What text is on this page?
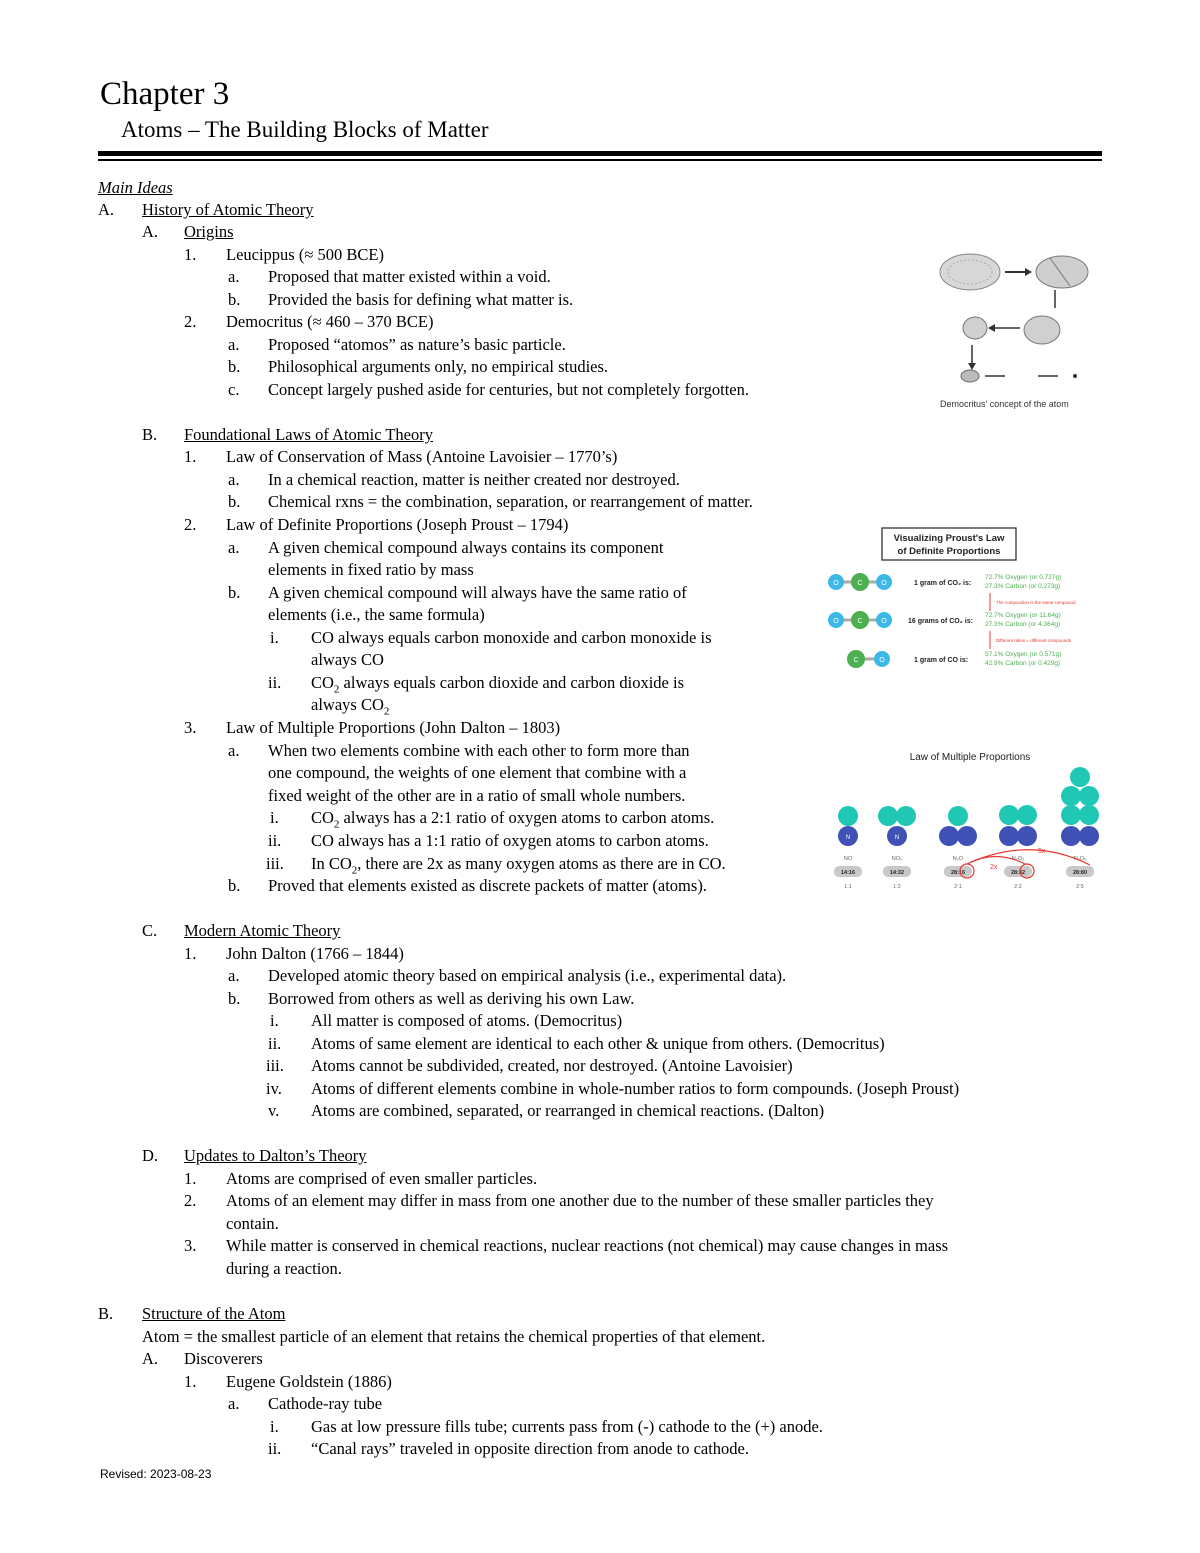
Chapter 3
Atoms – The Building Blocks of Matter
Main Ideas
A. History of Atomic Theory
A. Origins
1. Leucippus (≈ 500 BCE)
a. Proposed that matter existed within a void.
b. Provided the basis for defining what matter is.
2. Democritus (≈ 460 – 370 BCE)
a. Proposed “atomos” as nature’s basic particle.
b. Philosophical arguments only, no empirical studies.
c. Concept largely pushed aside for centuries, but not completely forgotten.
B. Foundational Laws of Atomic Theory
1. Law of Conservation of Mass (Antoine Lavoisier – 1770’s)
a. In a chemical reaction, matter is neither created nor destroyed.
b. Chemical rxns = the combination, separation, or rearrangement of matter.
2. Law of Definite Proportions (Joseph Proust – 1794)
a. A given chemical compound always contains its component
elements in fixed ratio by mass
b. A given chemical compound will always have the same ratio of
elements (i.e., the same formula)
i. CO always equals carbon monoxide and carbon monoxide is
always CO
ii. $CO_2$ always equals carbon dioxide and carbon dioxide is
always $CO_2$
3. Law of Multiple Proportions (John Dalton – 1803)
a. When two elements combine with each other to form more than
one compound, the weights of one element that combine with a
fixed weight of the other are in a ratio of small whole numbers.
i. $CO_2$ always has a 2:1 ratio of oxygen atoms to carbon atoms.
ii. CO always has a 1:1 ratio of oxygen atoms to carbon atoms.
iii. In $CO_2$, there are 2x as many oxygen atoms as there are in CO.
b. Proved that elements existed as discrete packets of matter (atoms).
C. Modern Atomic Theory
1. John Dalton (1766 – 1844)
a. Developed atomic theory based on empirical analysis (i.e., experimental data).
b. Borrowed from others as well as deriving his own Law.
i. All matter is composed of atoms. (Democritus)
ii. Atoms of same element are identical to each other & unique from others. (Democritus)
iii. Atoms cannot be subdivided, created, nor destroyed. (Antoine Lavoisier)
iv. Atoms of different elements combine in whole-number ratios to form compounds. (Joseph Proust)
v. Atoms are combined, separated, or rearranged in chemical reactions. (Dalton)
D. Updates to Dalton’s Theory
1. Atoms are comprised of even smaller particles.
2. Atoms of an element may differ in mass from one another due to the number of these smaller particles they
contain.
3. While matter is conserved in chemical reactions, nuclear reactions (not chemical) may cause changes in mass
during a reaction.
B. Structure of the Atom
Atom = the smallest particle of an element that retains the chemical properties of that element.
A. Discoverers
1. Eugene Goldstein (1886)
a. Cathode-ray tube
i. Gas at low pressure fills tube; currents pass from (-) cathode to the (+) anode.
ii. “Canal rays” traveled in opposite direction from anode to cathode.
Revised: 2023-08-23
Democritus' concept of the atom
Visualizing Proust's Law
of Definite Proportions
O	C	O	1 gram of CO₂ is:
72.7% Oxygen (or 0.727g)
27.3% Carbon (or 0.273g)
The composition is the same compound
O	C	O	16 grams of CO₂ is:
72.7% Oxygen (or 11.64g)
27.3% Carbon (or 4.364g)
Different ratios = different compounds
C	O	1 gram of CO is:
57.1% Oxygen (or 0.571g)
42.9% Carbon (or 0.429g)
Law of Multiple Proportions
N	N
NO	NO₂	N₂O	N₂O₂	N₂O₅
14:16	14:32	28:16	28:32	28:80
2x
5x
1:1	1:2	2:1	2:2	2:5
